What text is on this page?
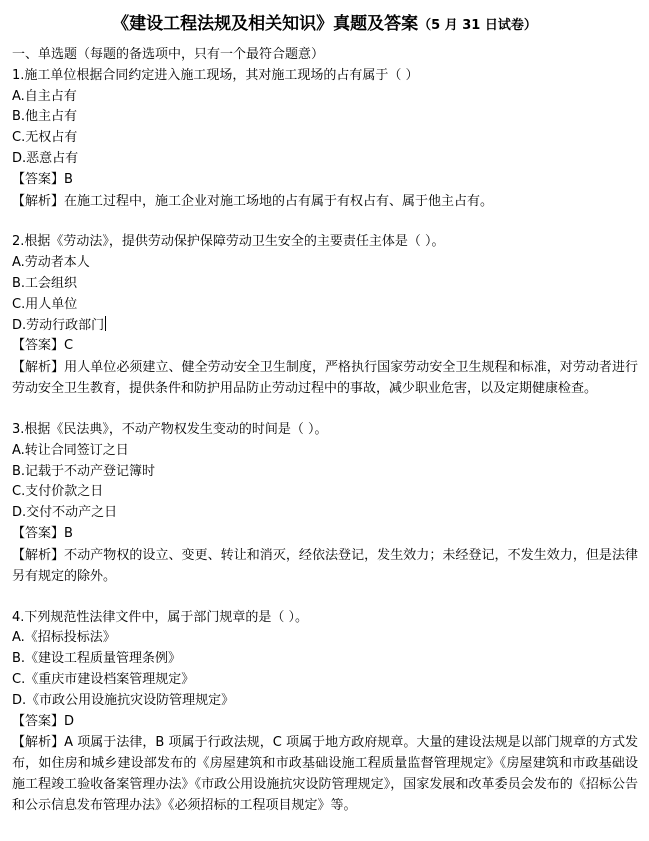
《建设工程法规及相关知识》真题及答案（5 月 31 日试卷）
一、单选题（每题的备选项中，只有一个最符合题意）
1.施工单位根据合同约定进入施工现场，其对施工现场的占有属于（ ）
A.自主占有
B.他主占有
C.无权占有
D.恶意占有
【答案】B
【解析】在施工过程中，施工企业对施工场地的占有属于有权占有、属于他主占有。
2.根据《劳动法》，提供劳动保护保障劳动卫生安全的主要责任主体是（ ）。
A.劳动者本人
B.工会组织
C.用人单位
D.劳动行政部门
【答案】C
【解析】用人单位必须建立、健全劳动安全卫生制度，严格执行国家劳动安全卫生规程和标准，对劳动者进行劳动安全卫生教育，提供条件和防护用品防止劳动过程中的事故，减少职业危害，以及定期健康检查。
3.根据《民法典》，不动产物权发生变动的时间是（ ）。
A.转让合同签订之日
B.记载于不动产登记簿时
C.支付价款之日
D.交付不动产之日
【答案】B
【解析】不动产物权的设立、变更、转让和消灭，经依法登记，发生效力；未经登记，不发生效力，但是法律另有规定的除外。
4.下列规范性法律文件中，属于部门规章的是（ ）。
A.《招标投标法》
B.《建设工程质量管理条例》
C.《重庆市建设档案管理规定》
D.《市政公用设施抗灾设防管理规定》
【答案】D
【解析】A 项属于法律，B 项属于行政法规，C 项属于地方政府规章。大量的建设法规是以部门规章的方式发布，如住房和城乡建设部发布的《房屋建筑和市政基础设施工程质量监督管理规定》《房屋建筑和市政基础设施工程竣工验收备案管理办法》《市政公用设施抗灾设防管理规定》，国家发展和改革委员会发布的《招标公告和公示信息发布管理办法》《必须招标的工程项目规定》等。
